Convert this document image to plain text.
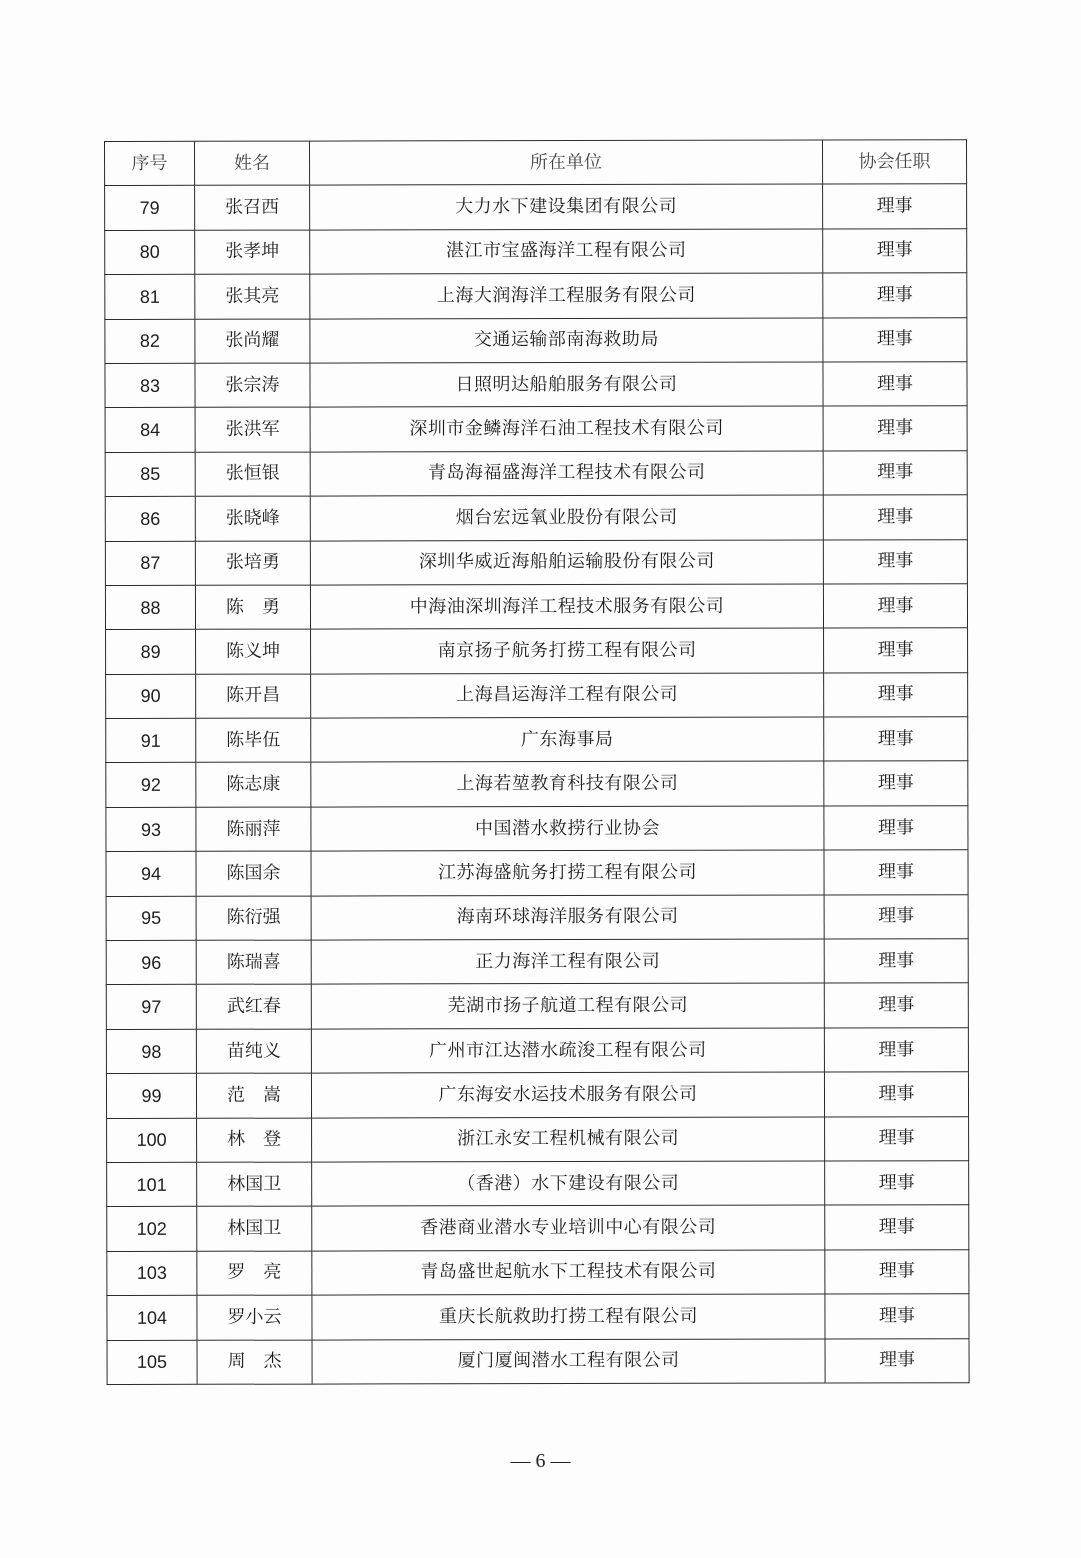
序号	姓名	所在单位	协会任职
79	张召西	大力水下建设集团有限公司	理事
80	张孝坤	湛江市宝盛海洋工程有限公司	理事
81	张其亮	上海大润海洋工程服务有限公司	理事
82	张尚耀	交通运输部南海救助局	理事
83	张宗涛	日照明达船舶服务有限公司	理事
84	张洪军	深圳市金鳞海洋石油工程技术有限公司	理事
85	张恒银	青岛海福盛海洋工程技术有限公司	理事
86	张晓峰	烟台宏远氧业股份有限公司	理事
87	张培勇	深圳华威近海船舶运输股份有限公司	理事
88	陈　勇	中海油深圳海洋工程技术服务有限公司	理事
89	陈义坤	南京扬子航务打捞工程有限公司	理事
90	陈开昌	上海昌运海洋工程有限公司	理事
91	陈毕伍	广东海事局	理事
92	陈志康	上海若堃教育科技有限公司	理事
93	陈丽萍	中国潜水救捞行业协会	理事
94	陈国余	江苏海盛航务打捞工程有限公司	理事
95	陈衍强	海南环球海洋服务有限公司	理事
96	陈瑞喜	正力海洋工程有限公司	理事
97	武红春	芜湖市扬子航道工程有限公司	理事
98	苗纯义	广州市江达潜水疏浚工程有限公司	理事
99	范　嵩	广东海安水运技术服务有限公司	理事
100	林　登	浙江永安工程机械有限公司	理事
101	林国卫	（香港）水下建设有限公司	理事
102	林国卫	香港商业潜水专业培训中心有限公司	理事
103	罗　亮	青岛盛世起航水下工程技术有限公司	理事
104	罗小云	重庆长航救助打捞工程有限公司	理事
105	周　杰	厦门厦闽潜水工程有限公司	理事
— 6 —
